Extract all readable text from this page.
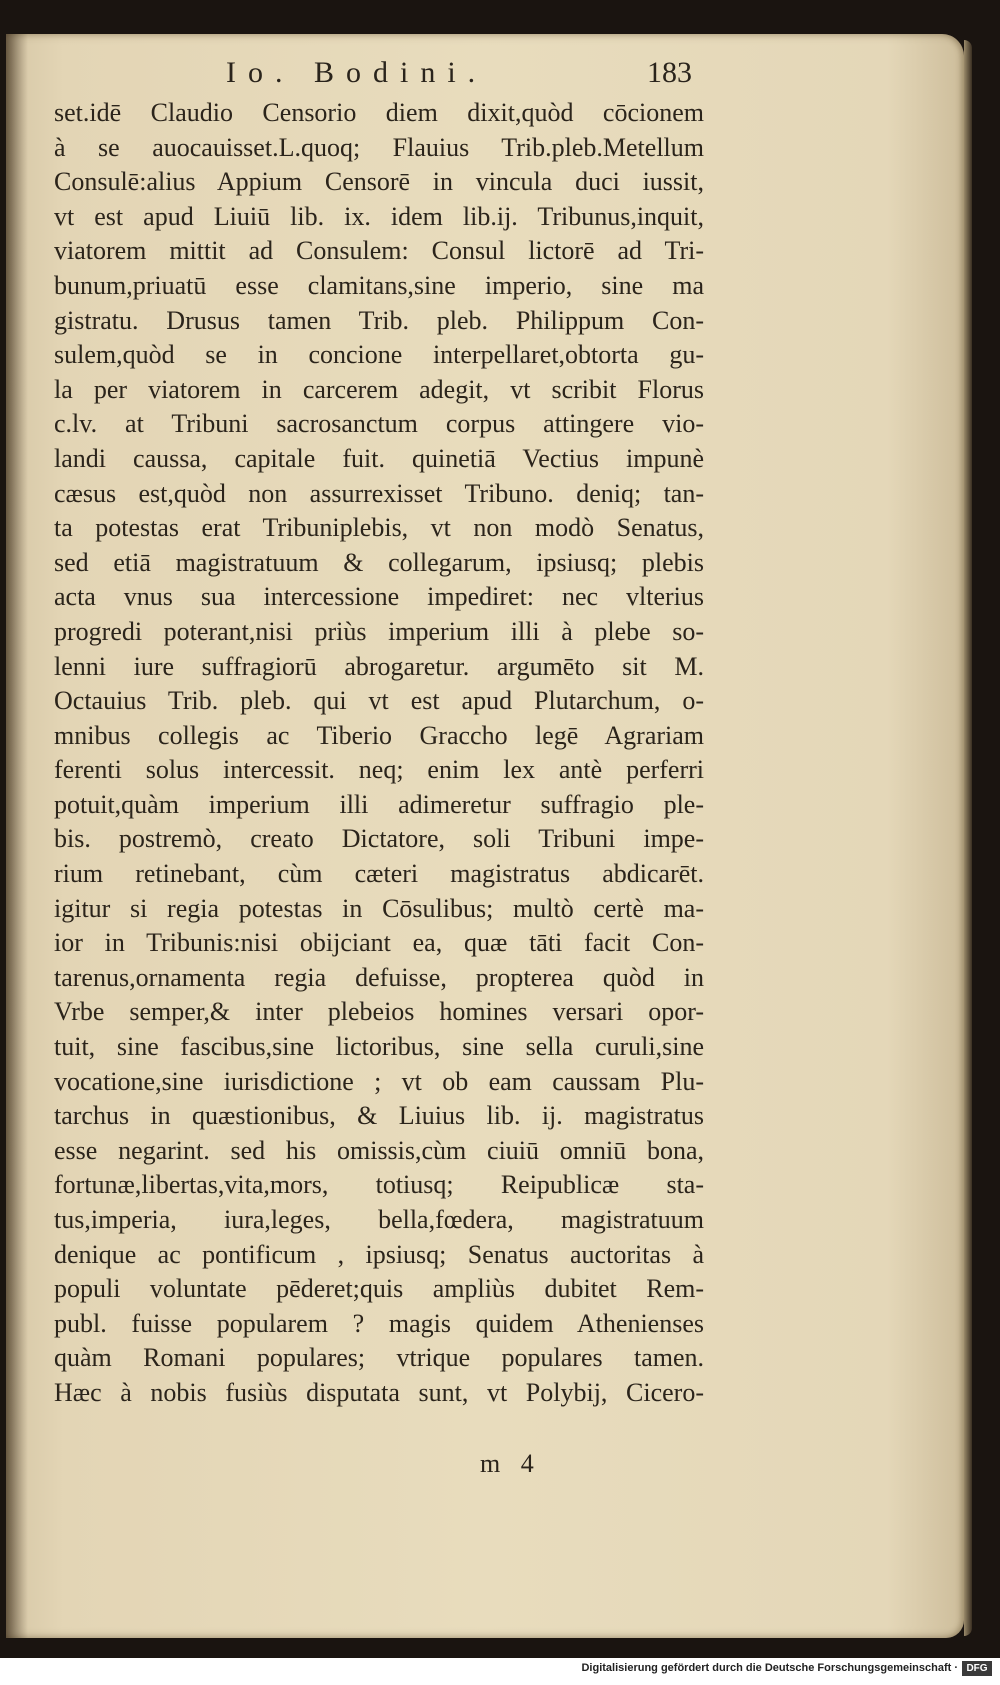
Io. Bodini.	183
set.idē Claudio Censorio diem dixit,quòd cōcionem
à se auocauisset.L.quoq; Flauius Trib.pleb.Metellum
Consulē:alius Appium Censorē in vincula duci iussit,
vt est apud Liuiū lib. ix. idem lib.ij. Tribunus,inquit,
viatorem mittit ad Consulem: Consul lictorē ad Tri-
bunum,priuatū esse clamitans,sine imperio, sine ma
gistratu. Drusus tamen Trib. pleb. Philippum Con-
sulem,quòd se in concione interpellaret,obtorta gu-
la per viatorem in carcerem adegit, vt scribit Florus
c.lv. at Tribuni sacrosanctum corpus attingere vio-
landi caussa, capitale fuit. quinetiā Vectius impunè
cæsus est,quòd non assurrexisset Tribuno. deniq; tan-
ta potestas erat Tribuniplebis, vt non modò Senatus,
sed etiā magistratuum & collegarum, ipsiusq; plebis
acta vnus sua intercessione impediret: nec vlterius
progredi poterant,nisi priùs imperium illi à plebe so-
lenni iure suffragiorū abrogaretur. argumēto sit M.
Octauius Trib. pleb. qui vt est apud Plutarchum, o-
mnibus collegis ac Tiberio Graccho legē Agrariam
ferenti solus intercessit. neq; enim lex antè perferri
potuit,quàm imperium illi adimeretur suffragio ple-
bis. postremò, creato Dictatore, soli Tribuni impe-
rium retinebant, cùm cæteri magistratus abdicarēt.
igitur si regia potestas in Cōsulibus; multò certè ma-
ior in Tribunis:nisi obijciant ea, quæ tāti facit Con-
tarenus,ornamenta regia defuisse, propterea quòd in
Vrbe semper,& inter plebeios homines versari opor-
tuit, sine fascibus,sine lictoribus, sine sella curuli,sine
vocatione,sine iurisdictione ; vt ob eam caussam Plu-
tarchus in quæstionibus, & Liuius lib. ij. magistratus
esse negarint. sed his omissis,cùm ciuiū omniū bona,
fortunæ,libertas,vita,mors, totiusq; Reipublicæ sta-
tus,imperia, iura,leges, bella,fœdera, magistratuum
denique ac pontificum , ipsiusq; Senatus auctoritas à
populi voluntate pēderet;quis ampliùs dubitet Rem-
publ. fuisse popularem ? magis quidem Athenienses
quàm Romani populares; vtrique populares tamen.
Hæc à nobis fusiùs disputata sunt, vt Polybij, Cicero-
m 4
Digitalisierung gefördert durch die Deutsche Forschungsgemeinschaft · DFG
